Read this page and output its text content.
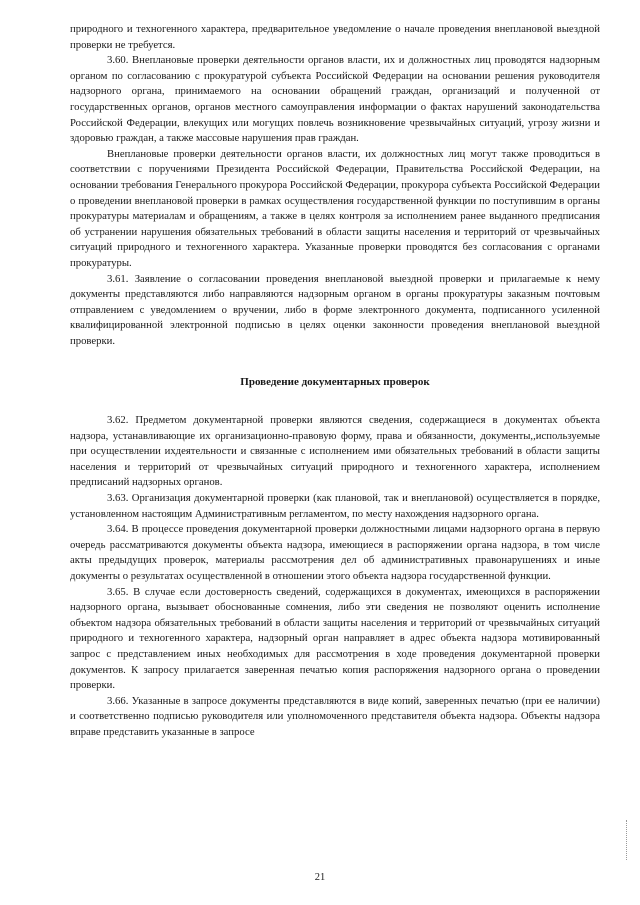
природного и техногенного характера, предварительное уведомление о начале проведения внеплановой выездной проверки не требуется.

3.60. Внеплановые проверки деятельности органов власти, их и должностных лиц проводятся надзорным органом по согласованию с прокуратурой субъекта Российской Федерации на основании решения руководителя надзорного органа, принимаемого на основании обращений граждан, организаций и полученной от государственных органов, органов местного самоуправления информации о фактах нарушений законодательства Российской Федерации, влекущих или могущих повлечь возникновение чрезвычайных ситуаций, угрозу жизни и здоровью граждан, а также массовые нарушения прав граждан.

Внеплановые проверки деятельности органов власти, их должностных лиц могут также проводиться в соответствии с поручениями Президента Российской Федерации, Правительства Российской Федерации, на основании требования Генерального прокурора Российской Федерации, прокурора субъекта Российской Федерации о проведении внеплановой проверки в рамках осуществления государственной функции по поступившим в органы прокуратуры материалам и обращениям, а также в целях контроля за исполнением ранее выданного предписания об устранении нарушения обязательных требований в области защиты населения и территорий от чрезвычайных ситуаций природного и техногенного характера. Указанные проверки проводятся без согласования с органами прокуратуры.

3.61. Заявление о согласовании проведения внеплановой выездной проверки и прилагаемые к нему документы представляются либо направляются надзорным органом в органы прокуратуры заказным почтовым отправлением с уведомлением о вручении, либо в форме электронного документа, подписанного усиленной квалифицированной электронной подписью в целях оценки законности проведения внеплановой выездной проверки.

Проведение документарных проверок

3.62. Предметом документарной проверки являются сведения, содержащиеся в документах объекта надзора, устанавливающие их организационно-правовую форму, права и обязанности, документы,,используемые при осуществлении иxдеятельности и связанные с исполнением ими обязательных требований в области защиты населения и территорий от чрезвычайных ситуаций природного и техногенного характера, исполнением предписаний надзорных органов.

3.63. Организация документарной проверки (как плановой, так и внеплановой) осуществляется в порядке, установленном настоящим Административным регламентом, по месту нахождения надзорного органа.

3.64. В процессе проведения документарной проверки должностными лицами надзорного органа в первую очередь рассматриваются документы объекта надзора, имеющиеся в распоряжении органа надзора, в том числе акты предыдущих проверок, материалы рассмотрения дел об административных правонарушениях и иные документы о результатах осуществленной в отношении этого объекта надзора государственной функции.

3.65. В случае если достоверность сведений, содержащихся в документах, имеющихся в распоряжении надзорного органа, вызывает обоснованные сомнения, либо эти сведения не позволяют оценить исполнение объектом надзора обязательных требований в области защиты населения и территорий от чрезвычайных ситуаций природного и техногенного характера, надзорный орган направляет в адрес объекта надзора мотивированный запрос с представлением иных необходимых для рассмотрения в ходе проведения документарной проверки документов. К запросу прилагается заверенная печатью копия распоряжения надзорного органа о проведении проверки.

3.66. Указанные в запросе документы представляются в виде копий, заверенных печатью (при ее наличии) и соответственно подписью руководителя или уполномоченного представителя объекта надзора. Объекты надзора вправе представить указанные в запросе

21
